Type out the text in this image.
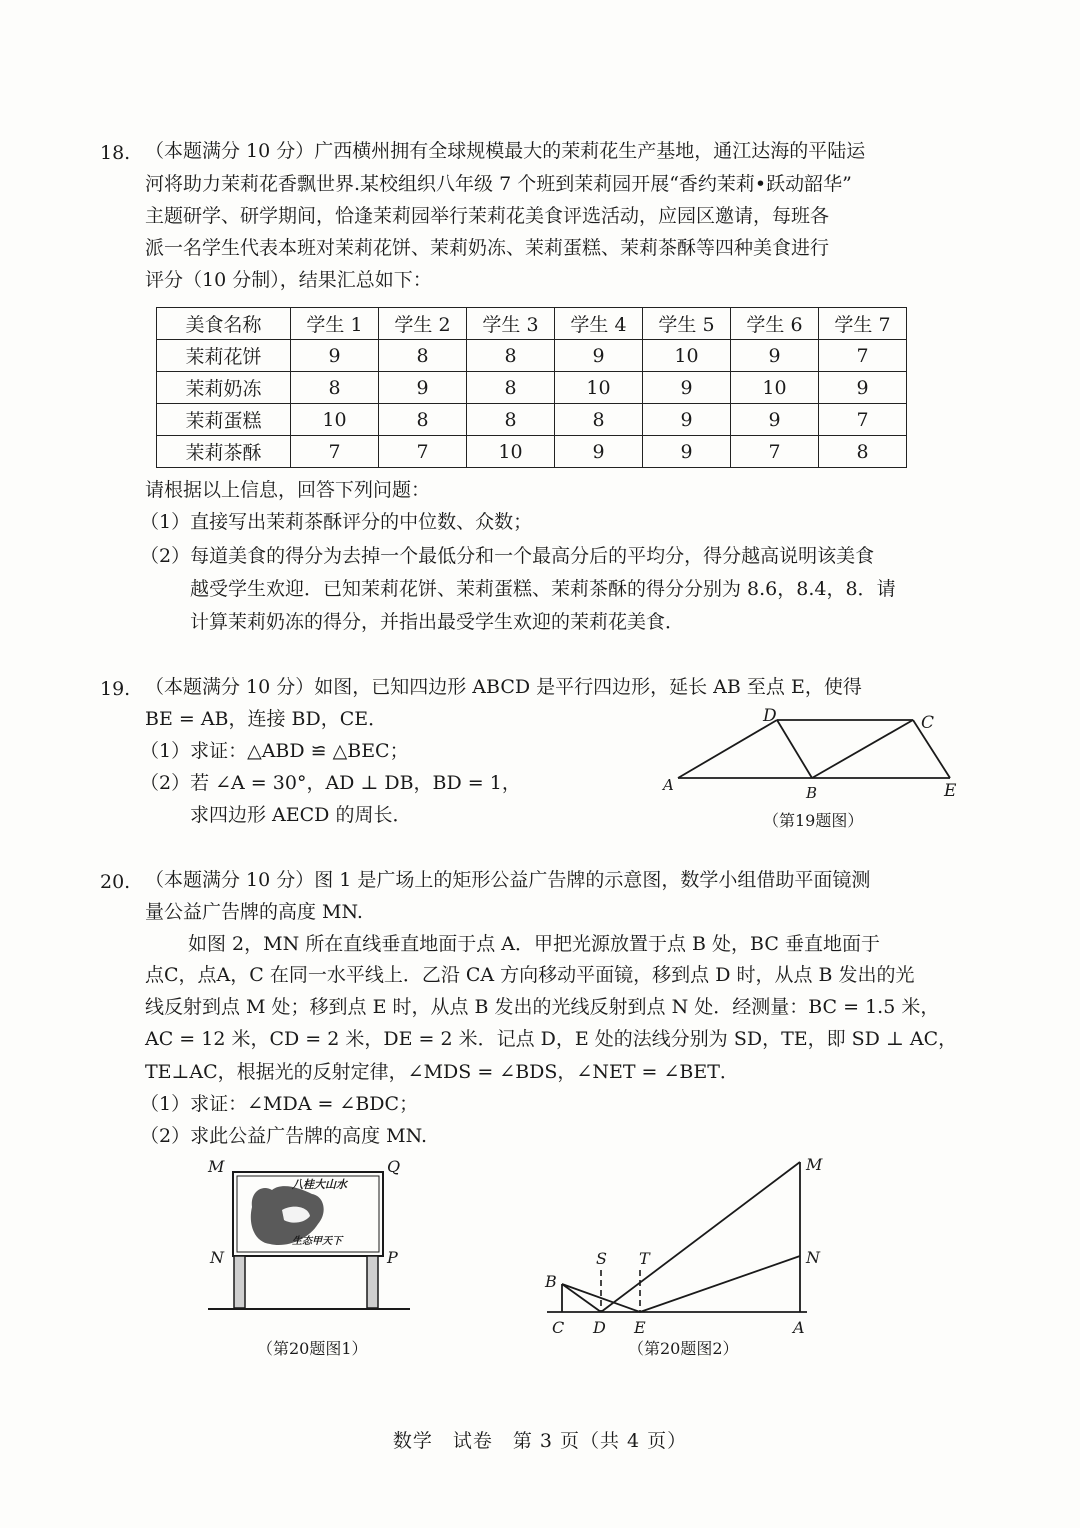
18. （本题满分 10 分）广西横州拥有全球规模最大的茉莉花生产基地，通江达海的平陆运
河将助力茉莉花香飘世界.某校组织八年级 7 个班到茉莉园开展“香约茉莉•跃动韶华”
主题研学、研学期间，恰逢茉莉园举行茉莉花美食评选活动，应园区邀请，每班各
派一名学生代表本班对茉莉花饼、茉莉奶冻、茉莉蛋糕、茉莉茶酥等四种美食进行
评分（10 分制），结果汇总如下：
美食名称	学生 1	学生 2	学生 3	学生 4	学生 5	学生 6	学生 7
茉莉花饼	9	8	8	9	10	9	7
茉莉奶冻	8	9	8	10	9	10	9
茉莉蛋糕	10	8	8	8	9	9	7
茉莉茶酥	7	7	10	9	9	7	8
请根据以上信息，回答下列问题：
（1）直接写出茉莉茶酥评分的中位数、众数；
（2）每道美食的得分为去掉一个最低分和一个最高分后的平均分，得分越高说明该美食
越受学生欢迎．已知茉莉花饼、茉莉蛋糕、茉莉茶酥的得分分别为 8.6，8.4，8．请
计算茉莉奶冻的得分，并指出最受学生欢迎的茉莉花美食．
19. （本题满分 10 分）如图，已知四边形 ABCD 是平行四边形，延长 AB 至点 E，使得
BE = AB，连接 BD，CE．
（1）求证：△ABD ≌ △BEC；
（2）若 ∠A = 30°，AD ⊥ DB，BD = 1，
求四边形 AECD 的周长．
A	B
C
D
E
（第19题图）
20. （本题满分 10 分）图 1 是广场上的矩形公益广告牌的示意图，数学小组借助平面镜测
量公益广告牌的高度 MN.
如图 2，MN 所在直线垂直地面于点 A．甲把光源放置于点 B 处，BC 垂直地面于
点C，点A，C 在同一水平线上．乙沿 CA 方向移动平面镜，移到点 D 时，从点 B 发出的光
线反射到点 M 处；移到点 E 时，从点 B 发出的光线反射到点 N 处．经测量：BC = 1.5 米，
AC = 12 米，CD = 2 米，DE = 2 米．记点 D，E 处的法线分别为 SD，TE，即 SD ⊥ AC，
TE⊥AC，根据光的反射定律，∠MDS = ∠BDS，∠NET = ∠BET．
（1）求证：∠MDA = ∠BDC；
（2）求此公益广告牌的高度 MN.
八桂大山水
生态甲天下
M	Q
N	P
（第20题图1）
M
N
B
S T
C D E	A
（第20题图2）
数学　试卷　第 3 页（共 4 页）
